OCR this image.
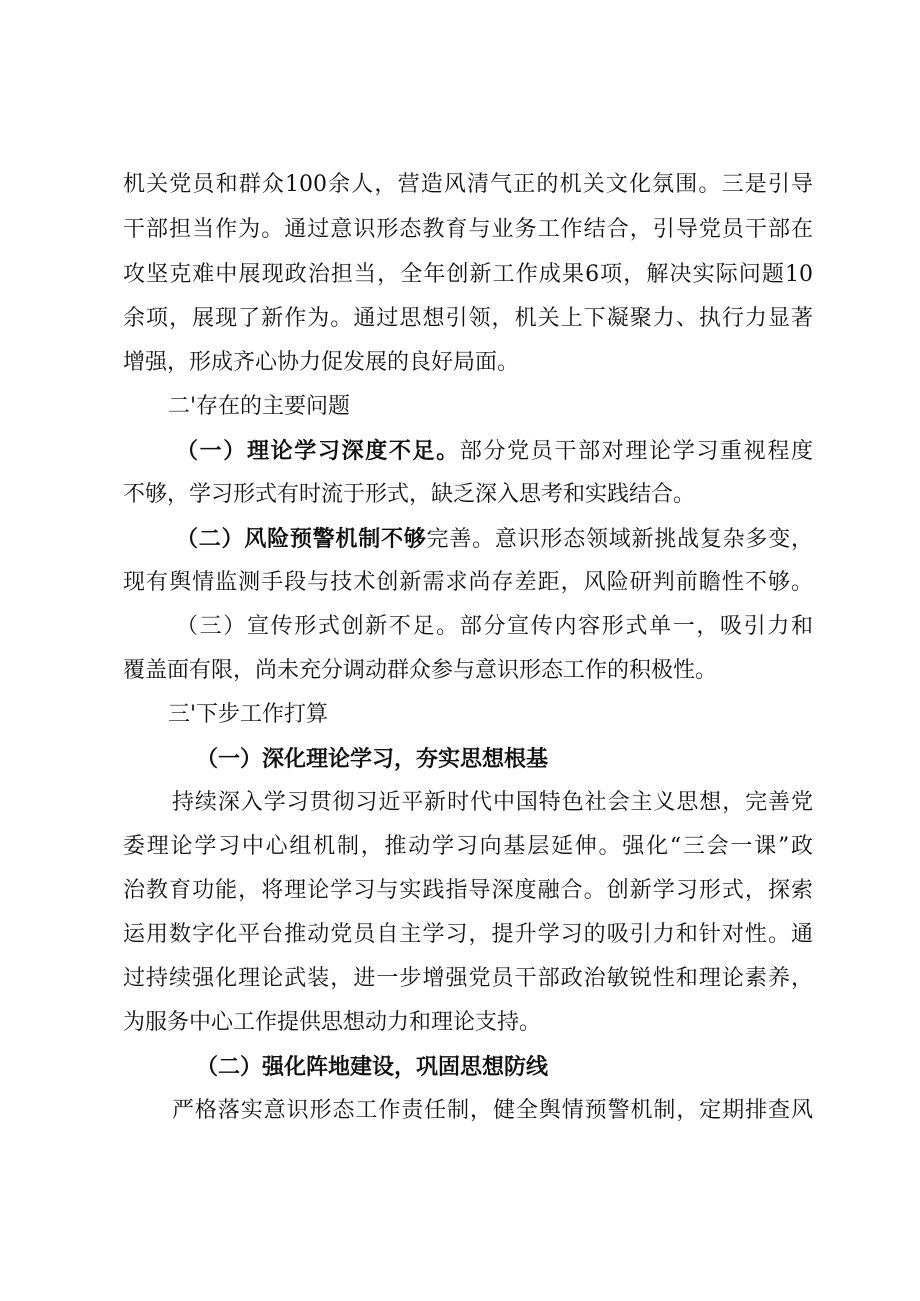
机关党员和群众100余人，营造风清气正的机关文化氛围。三是引导
干部担当作为。通过意识形态教育与业务工作结合，引导党员干部在
攻坚克难中展现政治担当，全年创新工作成果6项，解决实际问题10
余项，展现了新作为。通过思想引领，机关上下凝聚力、执行力显著
增强，形成齐心协力促发展的良好局面。
二'存在的主要问题
（一）理论学习深度不足。部分党员干部对理论学习重视程度
不够，学习形式有时流于形式，缺乏深入思考和实践结合。
（二）风险预警机制不够完善。意识形态领域新挑战复杂多变，
现有舆情监测手段与技术创新需求尚存差距，风险研判前瞻性不够。
（三）宣传形式创新不足。部分宣传内容形式单一，吸引力和
覆盖面有限，尚未充分调动群众参与意识形态工作的积极性。
三'下步工作打算
（一）深化理论学习，夯实思想根基
持续深入学习贯彻习近平新时代中国特色社会主义思想，完善党
委理论学习中心组机制，推动学习向基层延伸。强化“三会一课”政
治教育功能，将理论学习与实践指导深度融合。创新学习形式，探索
运用数字化平台推动党员自主学习，提升学习的吸引力和针对性。通
过持续强化理论武装，进一步增强党员干部政治敏锐性和理论素养，
为服务中心工作提供思想动力和理论支持。
（二）强化阵地建设，巩固思想防线
严格落实意识形态工作责任制，健全舆情预警机制，定期排查风
